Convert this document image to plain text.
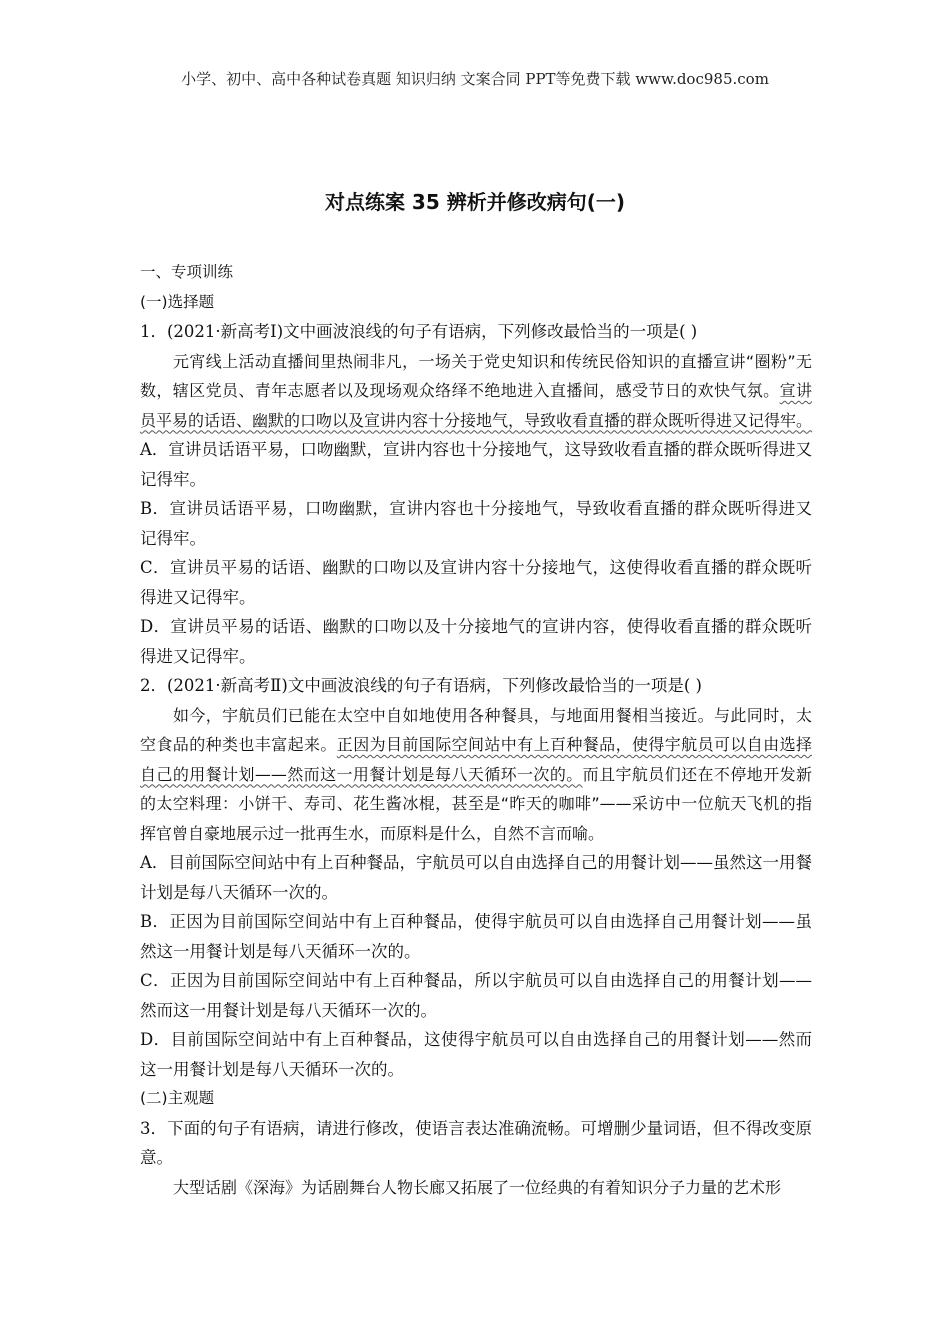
小学、初中、高中各种试卷真题 知识归纳 文案合同 PPT等免费下载 www.doc985.com
对点练案 35 辨析并修改病句(一)

一、专项训练

(一)选择题

1．(2021·新高考Ⅰ)文中画波浪线的句子有语病，下列修改最恰当的一项是( )

元宵线上活动直播间里热闹非凡，一场关于党史知识和传统民俗知识的直播宣讲“圈粉”无数，辖区党员、青年志愿者以及现场观众络绎不绝地进入直播间，感受节日的欢快气氛。宣讲员平易的话语、幽默的口吻以及宣讲内容十分接地气，导致收看直播的群众既听得进又记得牢。

A．宣讲员话语平易，口吻幽默，宣讲内容也十分接地气，这导致收看直播的群众既听得进又记得牢。

B．宣讲员话语平易，口吻幽默，宣讲内容也十分接地气，导致收看直播的群众既听得进又记得牢。

C．宣讲员平易的话语、幽默的口吻以及宣讲内容十分接地气，这使得收看直播的群众既听得进又记得牢。

D．宣讲员平易的话语、幽默的口吻以及十分接地气的宣讲内容，使得收看直播的群众既听得进又记得牢。

2．(2021·新高考Ⅱ)文中画波浪线的句子有语病，下列修改最恰当的一项是( )

如今，宇航员们已能在太空中自如地使用各种餐具，与地面用餐相当接近。与此同时，太空食品的种类也丰富起来。正因为目前国际空间站中有上百种餐品，使得宇航员可以自由选择自己的用餐计划——然而这一用餐计划是每八天循环一次的。而且宇航员们还在不停地开发新的太空料理：小饼干、寿司、花生酱冰棍，甚至是“昨天的咖啡”——采访中一位航天飞机的指挥官曾自豪地展示过一批再生水，而原料是什么，自然不言而喻。

A．目前国际空间站中有上百种餐品，宇航员可以自由选择自己的用餐计划——虽然这一用餐计划是每八天循环一次的。

B．正因为目前国际空间站中有上百种餐品，使得宇航员可以自由选择自己用餐计划——虽然这一用餐计划是每八天循环一次的。

C．正因为目前国际空间站中有上百种餐品，所以宇航员可以自由选择自己的用餐计划——然而这一用餐计划是每八天循环一次的。

D．目前国际空间站中有上百种餐品，这使得宇航员可以自由选择自己的用餐计划——然而这一用餐计划是每八天循环一次的。

(二)主观题

3．下面的句子有语病，请进行修改，使语言表达准确流畅。可增删少量词语，但不得改变原意。

大型话剧《深海》为话剧舞台人物长廊又拓展了一位经典的有着知识分子力量的艺术形
